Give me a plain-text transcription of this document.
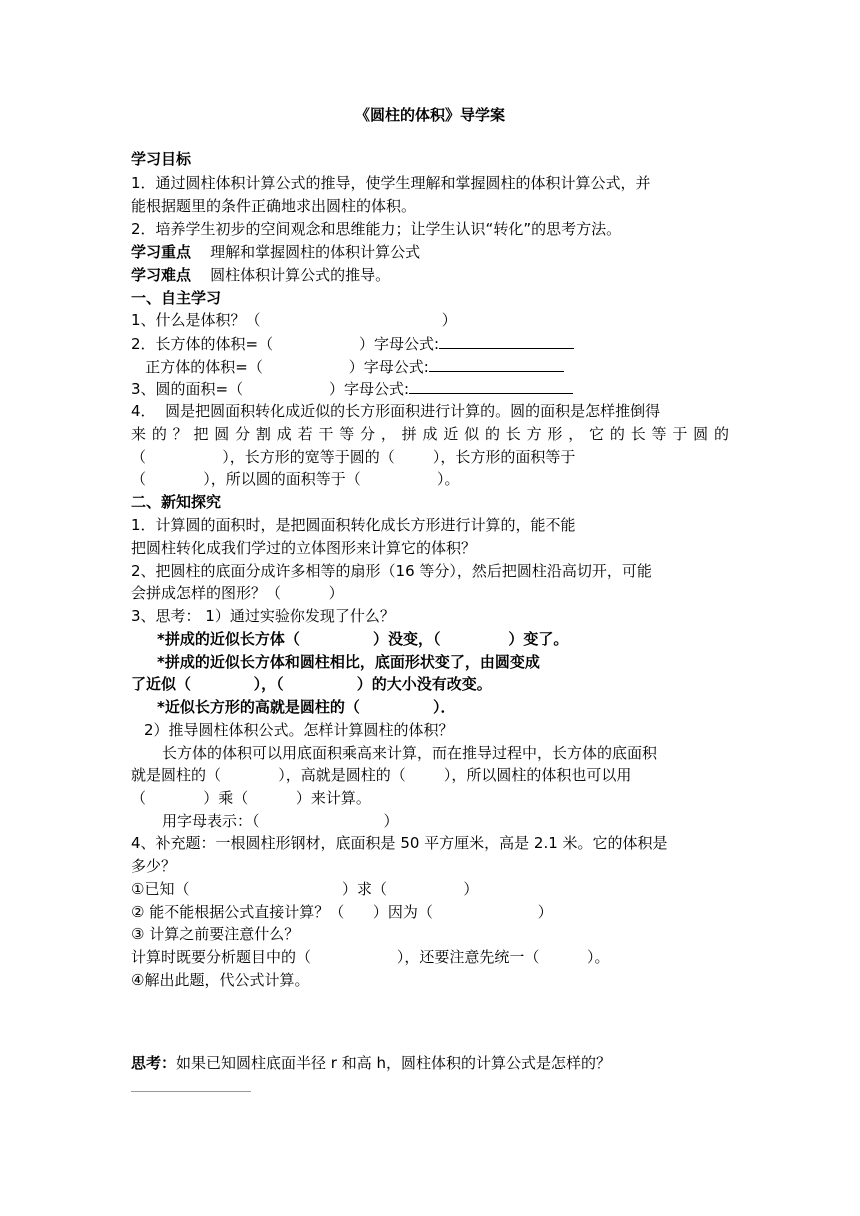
《圆柱的体积》导学案
学习目标
1．通过圆柱体积计算公式的推导，使学生理解和掌握圆柱的体积计算公式，并
能根据题里的条件正确地求出圆柱的体积。
2．培养学生初步的空间观念和思维能力；让学生认识“转化”的思考方法。
学习重点 理解和掌握圆柱的体积计算公式
学习难点 圆柱体积计算公式的推导。
一、自主学习
1、什么是体积？（                                      ）
2．长方体的体积=（                  ）字母公式:
正方体的体积=（                  ）字母公式:
3、圆的面积=（                  ）字母公式:
4．  圆是把圆面积转化成近似的长方形面积进行计算的。圆的面积是怎样推倒得
来的？把圆分割成若干等分，拼成近似的长方形，它的长等于圆的
（                ），长方形的宽等于圆的（        ），长方形的面积等于
（            ），所以圆的面积等于（                ）。
二、新知探究
1．计算圆的面积时，是把圆面积转化成长方形进行计算的，能不能
把圆柱转化成我们学过的立体图形来计算它的体积？
2、把圆柱的底面分成许多相等的扇形（16 等分），然后把圆柱沿高切开，可能
会拼成怎样的图形？（          ）
3、思考： 1）通过实验你发现了什么？
*拼成的近似长方体（              ）没变，（             ）变了。
*拼成的近似长方体和圆柱相比，底面形状变了，由圆变成
了近似（            ），（              ）的大小没有改变。
*近似长方形的高就是圆柱的（              ）．
2）推导圆柱体积公式。怎样计算圆柱的体积？
长方体的体积可以用底面积乘高来计算，而在推导过程中，长方体的底面积
就是圆柱的（            ），高就是圆柱的（        ），所以圆柱的体积也可以用
（            ）乘（          ）来计算。
用字母表示：（                          ）
4、补充题：一根圆柱形钢材，底面积是 50 平方厘米，高是 2.1 米。它的体积是
多少？
①已知（                                ）求（                ）
② 能不能根据公式直接计算？（      ）因为（                      ）
③ 计算之前要注意什么？
计算时既要分析题目中的（                  ），还要注意先统一（          ）。
④解出此题，代公式计算。
思考：如果已知圆柱底面半径 r 和高 h，圆柱体积的计算公式是怎样的？
